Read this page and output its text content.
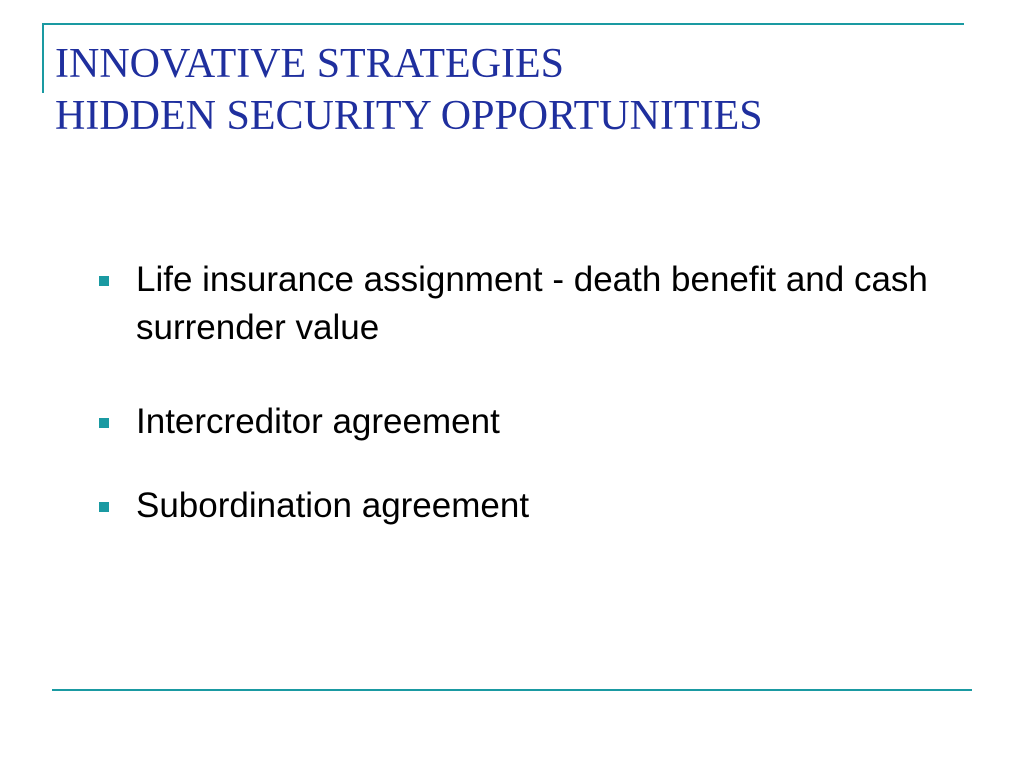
INNOVATIVE STRATEGIES
HIDDEN SECURITY OPPORTUNITIES
Life insurance assignment - death benefit and cash surrender value
Intercreditor agreement
Subordination agreement
